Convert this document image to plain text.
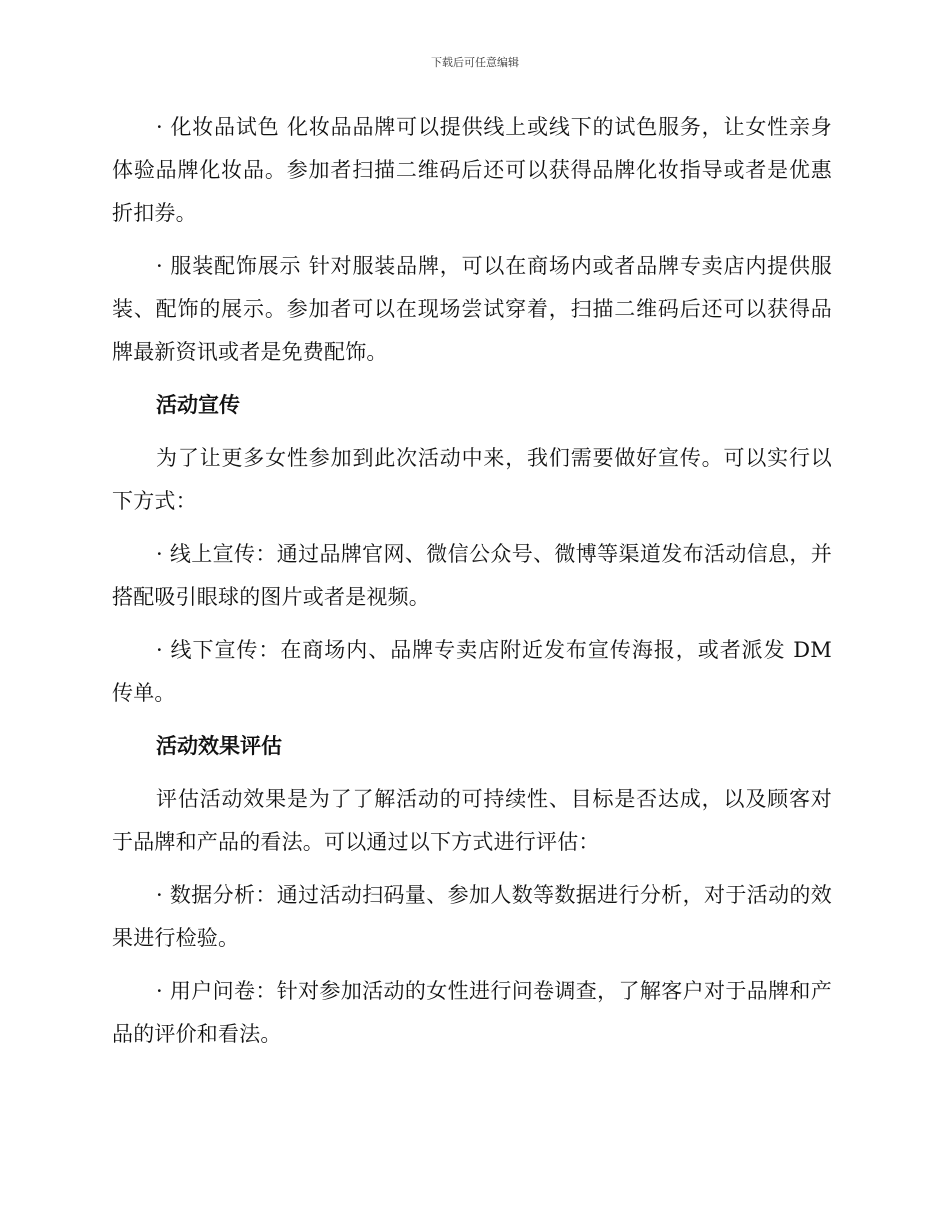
下载后可任意编辑

· 化妆品试色 化妆品品牌可以提供线上或线下的试色服务，让女性亲身体验品牌化妆品。参加者扫描二维码后还可以获得品牌化妆指导或者是优惠折扣券。

· 服装配饰展示 针对服装品牌，可以在商场内或者品牌专卖店内提供服装、配饰的展示。参加者可以在现场尝试穿着，扫描二维码后还可以获得品牌最新资讯或者是免费配饰。

活动宣传

为了让更多女性参加到此次活动中来，我们需要做好宣传。可以实行以下方式：

· 线上宣传：通过品牌官网、微信公众号、微博等渠道发布活动信息，并搭配吸引眼球的图片或者是视频。

· 线下宣传：在商场内、品牌专卖店附近发布宣传海报，或者派发 DM 传单。

活动效果评估

评估活动效果是为了了解活动的可持续性、目标是否达成，以及顾客对于品牌和产品的看法。可以通过以下方式进行评估：

· 数据分析：通过活动扫码量、参加人数等数据进行分析，对于活动的效果进行检验。

· 用户问卷：针对参加活动的女性进行问卷调查，了解客户对于品牌和产品的评价和看法。
